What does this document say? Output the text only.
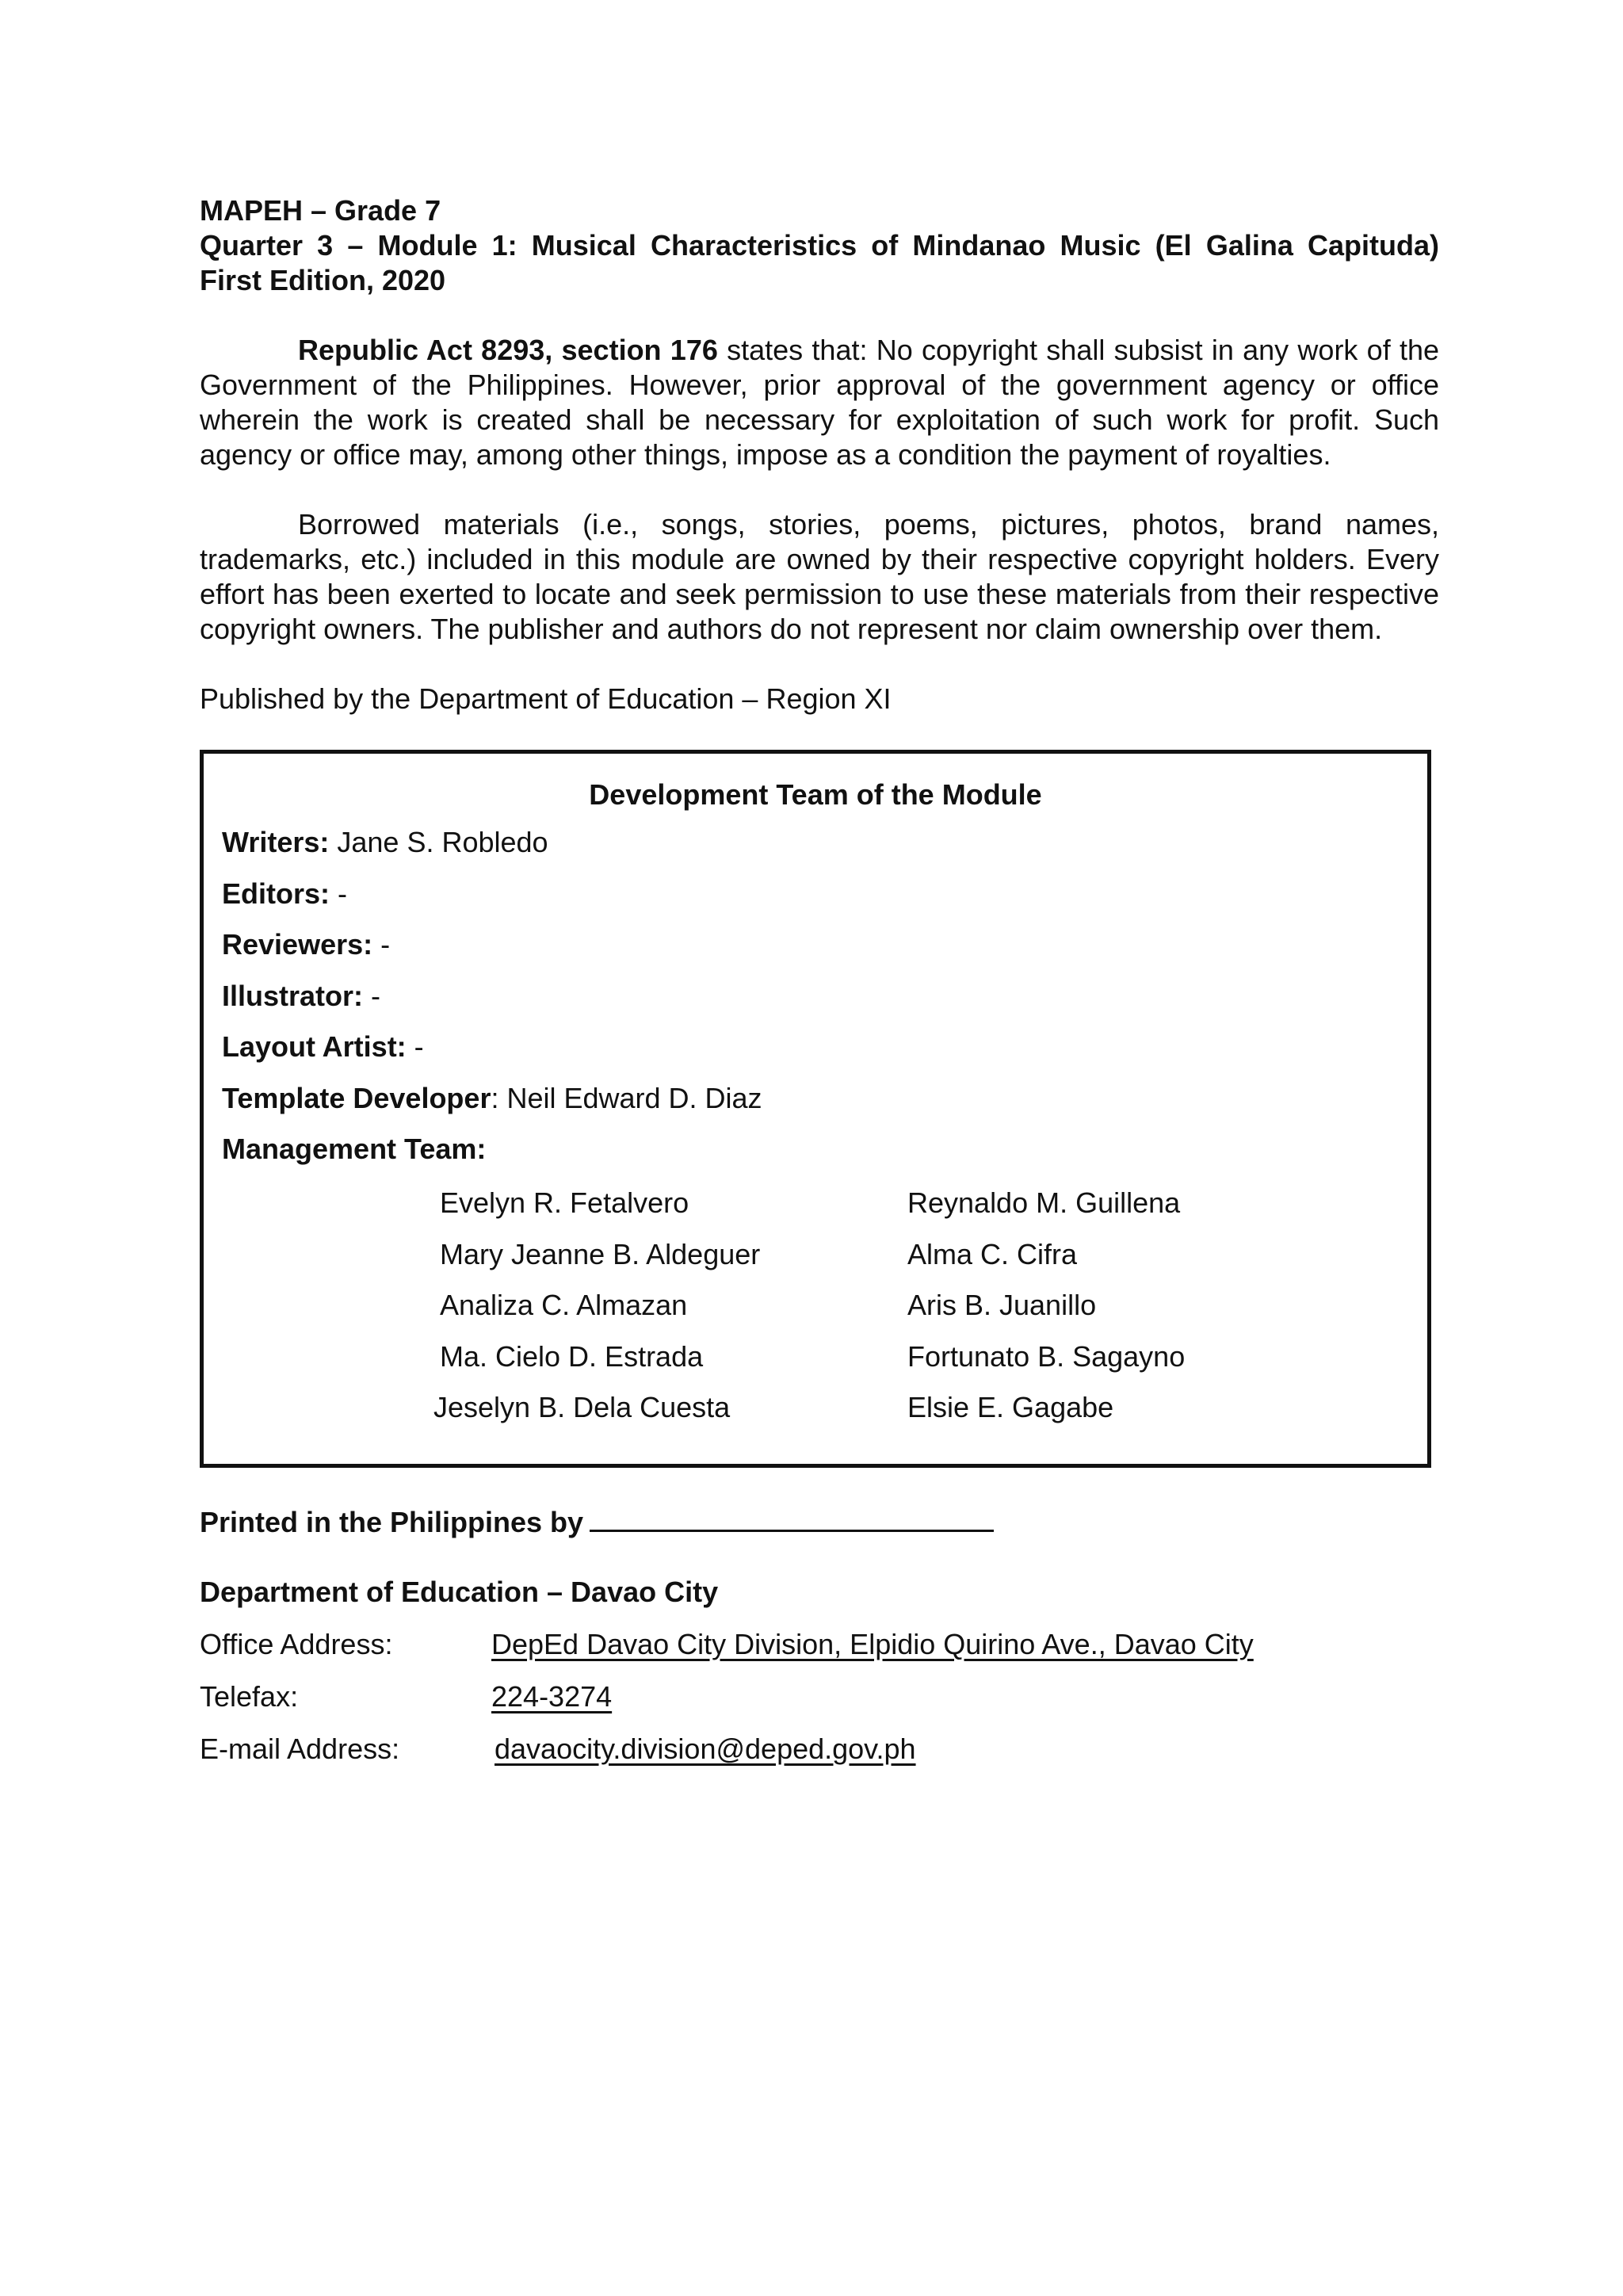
MAPEH – Grade 7
Quarter 3 – Module 1: Musical Characteristics of Mindanao Music (El Galina Capituda)
First Edition, 2020
Republic Act 8293, section 176 states that: No copyright shall subsist in any work of the Government of the Philippines. However, prior approval of the government agency or office wherein the work is created shall be necessary for exploitation of such work for profit. Such agency or office may, among other things, impose as a condition the payment of royalties.
Borrowed materials (i.e., songs, stories, poems, pictures, photos, brand names, trademarks, etc.) included in this module are owned by their respective copyright holders. Every effort has been exerted to locate and seek permission to use these materials from their respective copyright owners. The publisher and authors do not represent nor claim ownership over them.
Published by the Department of Education – Region XI
Development Team of the Module
Writers: Jane S. Robledo
Editors: -
Reviewers: -
Illustrator: -
Layout Artist: -
Template Developer: Neil Edward D. Diaz
Management Team:
Evelyn R. Fetalvero	Reynaldo M. Guillena
Mary Jeanne B. Aldeguer	Alma C. Cifra
Analiza C. Almazan	Aris B. Juanillo
Ma. Cielo D. Estrada	Fortunato B. Sagayno
Jeselyn B. Dela Cuesta	Elsie E. Gagabe
Printed in the Philippines by
Department of Education – Davao City
Office Address:	DepEd Davao City Division, Elpidio Quirino Ave., Davao City
Telefax:	224-3274
E-mail Address:	davaocity.division@deped.gov.ph
